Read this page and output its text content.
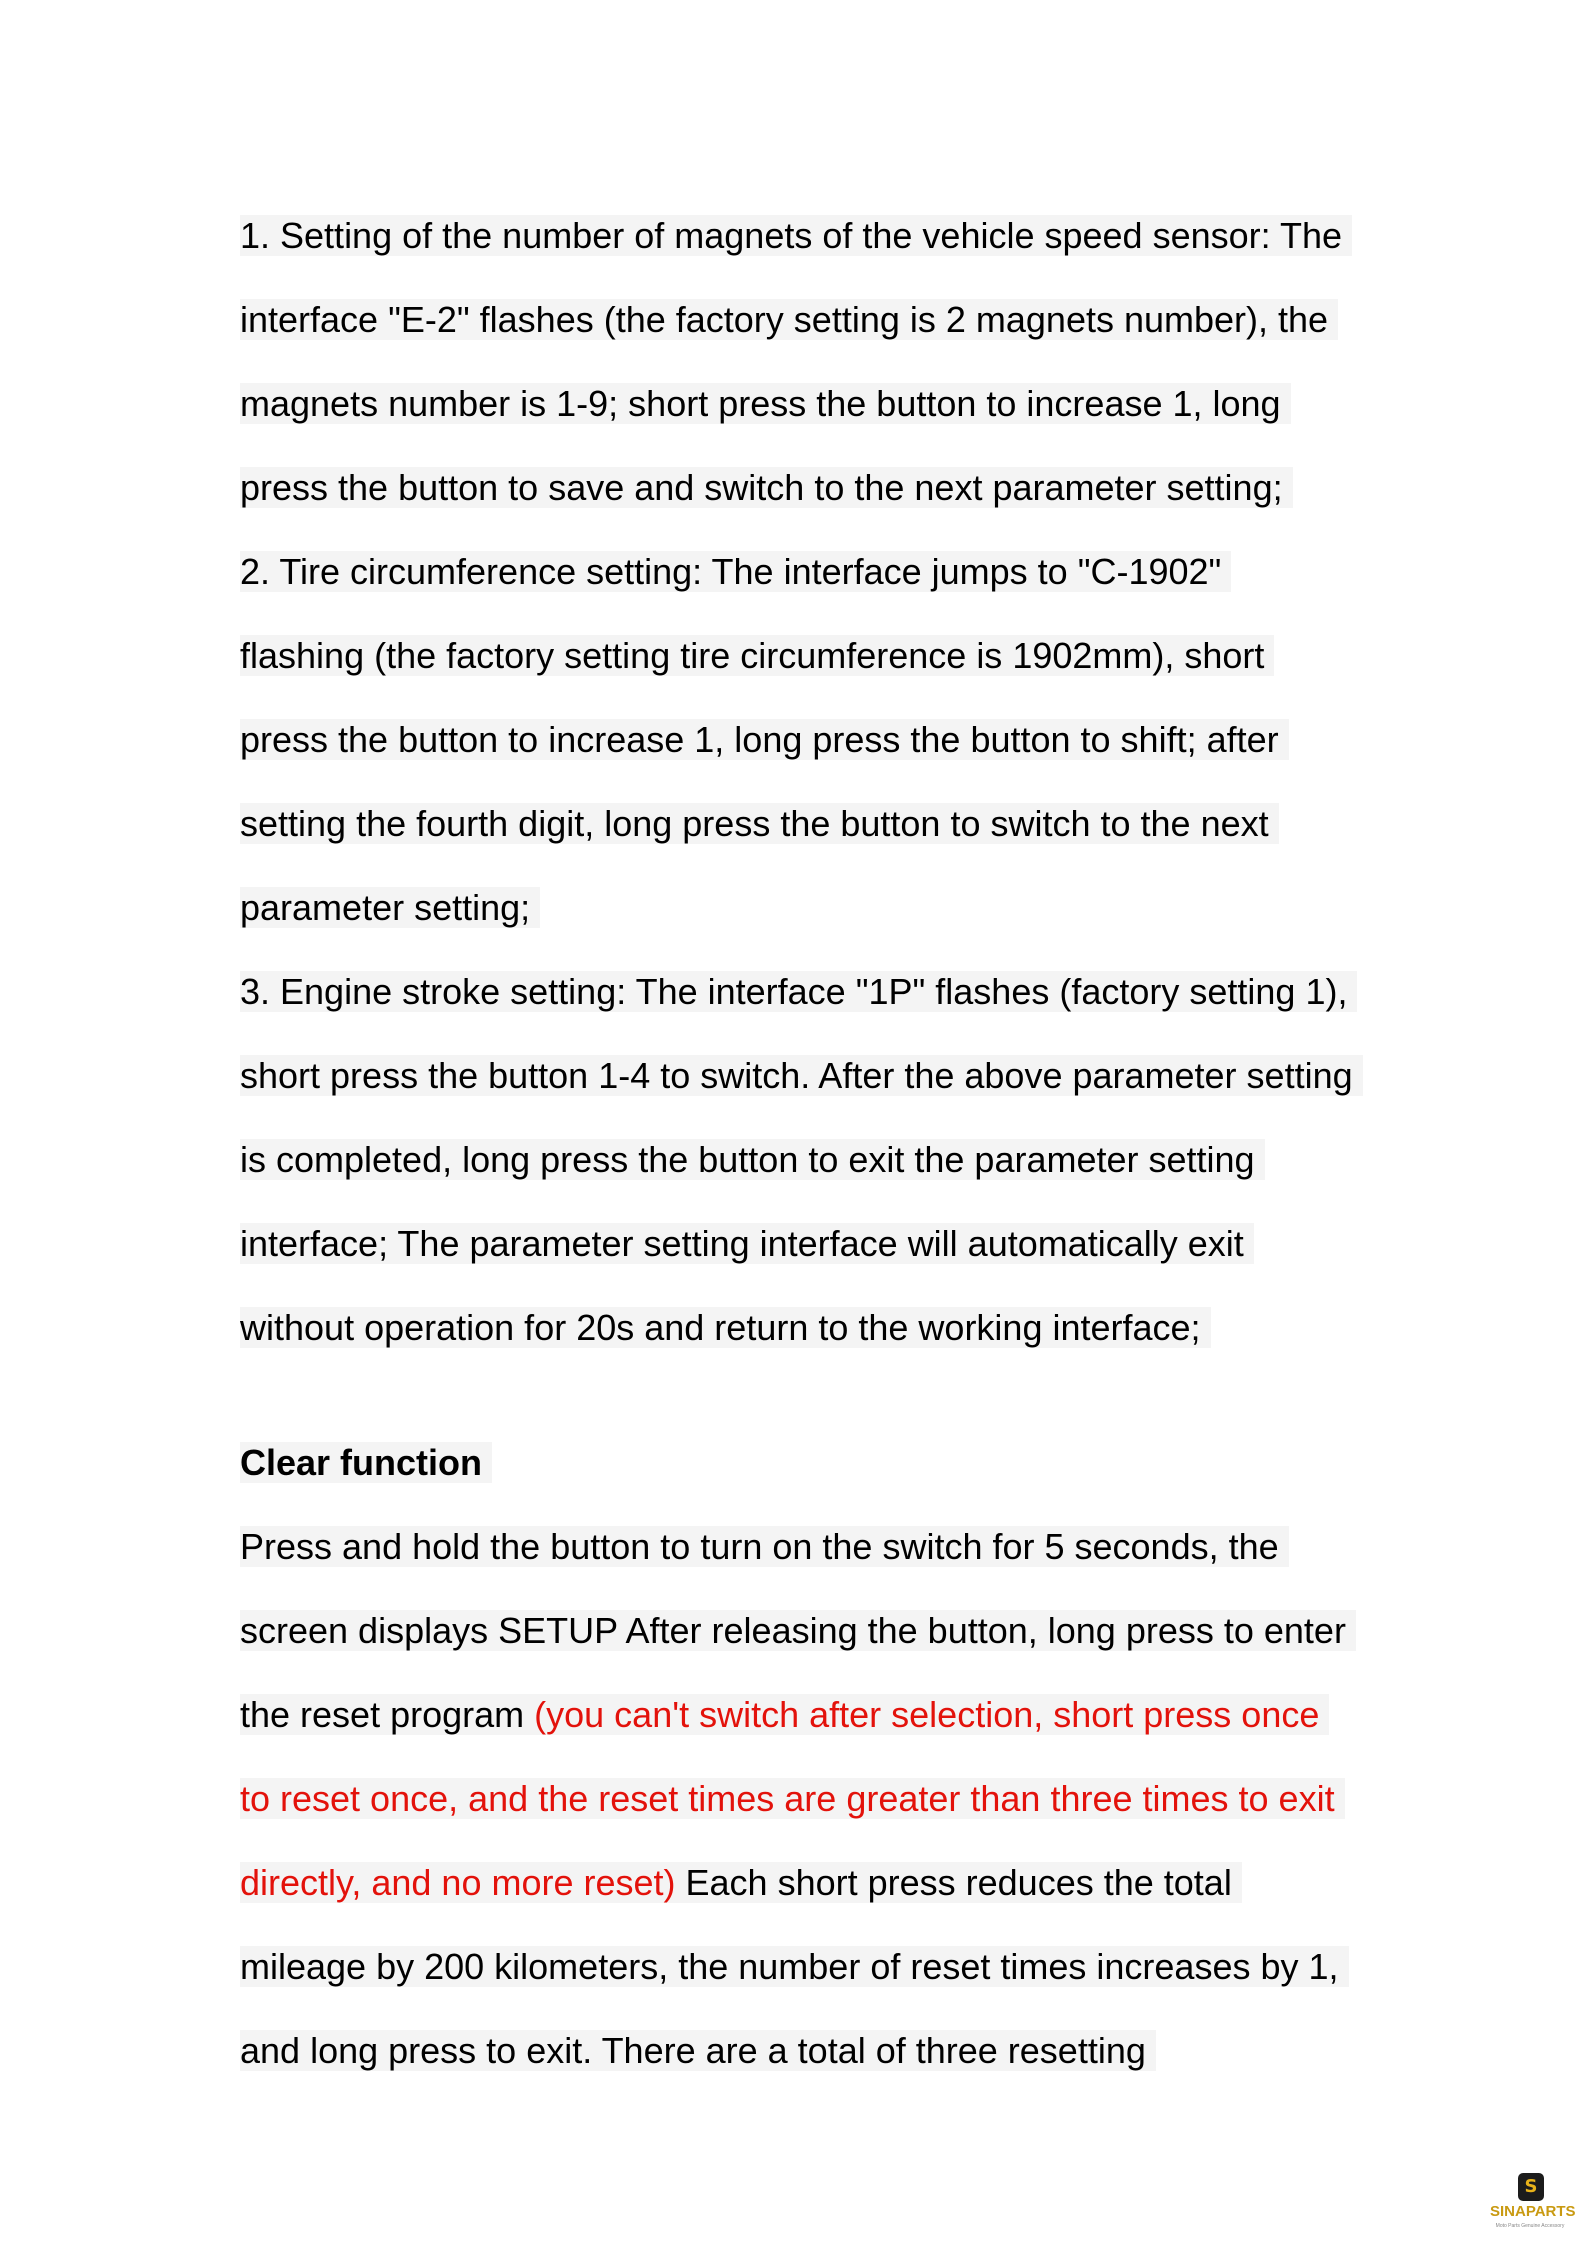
1. Setting of the number of magnets of the vehicle speed sensor: The
interface "E-2" flashes (the factory setting is 2 magnets number), the
magnets number is 1-9; short press the button to increase 1, long
press the button to save and switch to the next parameter setting;
2. Tire circumference setting: The interface jumps to "C-1902"
flashing (the factory setting tire circumference is 1902mm), short
press the button to increase 1, long press the button to shift; after
setting the fourth digit, long press the button to switch to the next
parameter setting;
3. Engine stroke setting: The interface "1P" flashes (factory setting 1),
short press the button 1-4 to switch. After the above parameter setting
is completed, long press the button to exit the parameter setting
interface; The parameter setting interface will automatically exit
without operation for 20s and return to the working interface;
Clear function
Press and hold the button to turn on the switch for 5 seconds, the
screen displays SETUP After releasing the button, long press to enter
the reset program (you can't switch after selection, short press once
to reset once, and the reset times are greater than three times to exit
directly, and no more reset) Each short press reduces the total
mileage by 200 kilometers, the number of reset times increases by 1,
and long press to exit. There are a total of three resetting
S
SINAPARTS
Moto Parts Genuine Accessory
